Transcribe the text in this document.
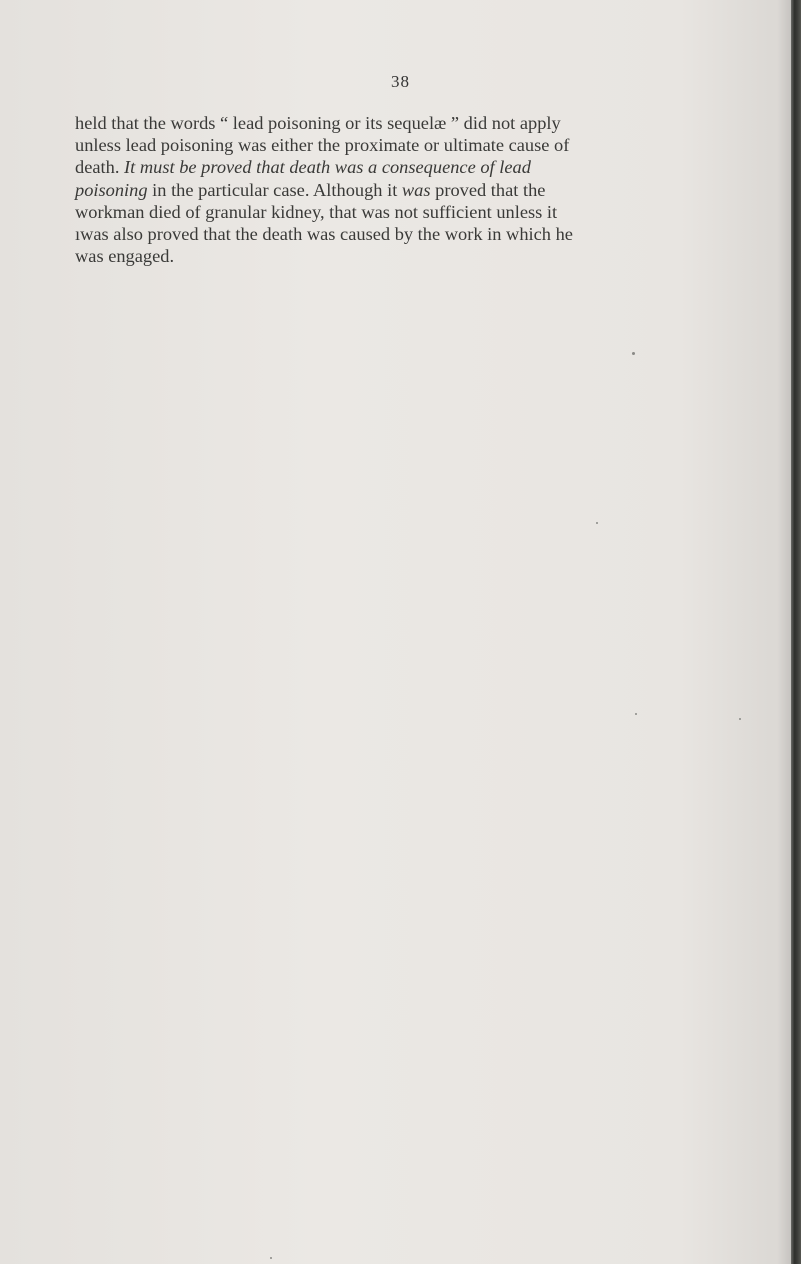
38
held that the words “ lead poisoning or its sequelæ ” did not apply
unless lead poisoning was either the proximate or ultimate cause of
death. It must be proved that death was a consequence of lead
poisoning in the particular case. Although it was proved that the
workman died of granular kidney, that was not sufficient unless it
ıwas also proved that the death was caused by the work in which he
was engaged.
